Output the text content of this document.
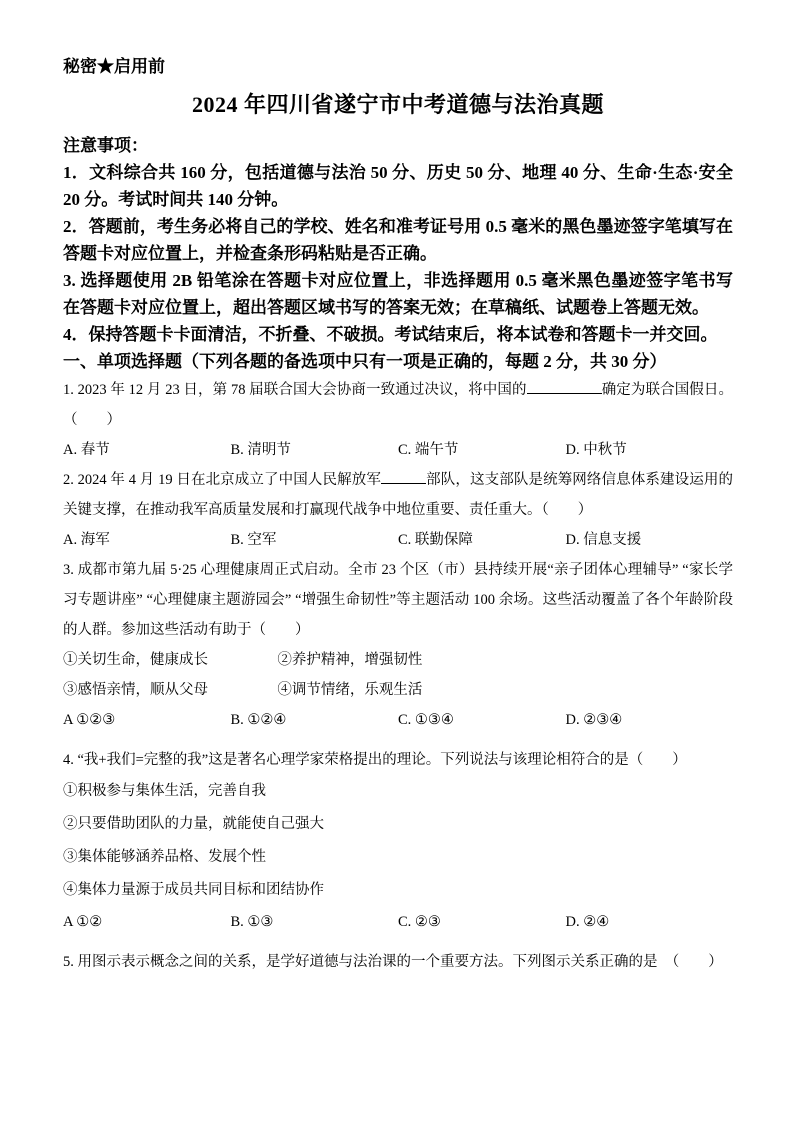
秘密★启用前
2024 年四川省遂宁市中考道德与法治真题

注意事项：

1．文科综合共 160 分，包括道德与法治 50 分、历史 50 分、地理 40 分、生命·生态·安全 20 分。考试时间共 140 分钟。

2．答题前，考生务必将自己的学校、姓名和准考证号用 0.5 毫米的黑色墨迹签字笔填写在答题卡对应位置上，并检查条形码粘贴是否正确。

3. 选择题使用 2B 铅笔涂在答题卡对应位置上，非选择题用 0.5 毫米黑色墨迹签字笔书写在答题卡对应位置上，超出答题区域书写的答案无效；在草稿纸、试题卷上答题无效。

4．保持答题卡卡面清洁，不折叠、不破损。考试结束后，将本试卷和答题卡一并交回。

一、单项选择题（下列各题的备选项中只有一项是正确的，每题 2 分，共 30 分）

1. 2023 年 12 月 23 日，第 78 届联合国大会协商一致通过决议，将中国的	确定为联合国假日。（　　）

A. 春节	B. 清明节	C. 端午节	D. 中秋节

2. 2024 年 4 月 19 日在北京成立了中国人民解放军	部队，这支部队是统筹网络信息体系建设运用的关键支撑，在推动我军高质量发展和打赢现代战争中地位重要、责任重大。（　　）

A. 海军	B. 空军	C. 联勤保障	D. 信息支援

3. 成都市第九届 5·25 心理健康周正式启动。全市 23 个区（市）县持续开展“亲子团体心理辅导” “家长学习专题讲座” “心理健康主题游园会” “增强生命韧性”等主题活动 100 余场。这些活动覆盖了各个年龄阶段的人群。参加这些活动有助于（　　）

①关切生命，健康成长	②养护精神，增强韧性
③感悟亲情，顺从父母	④调节情绪，乐观生活
A ①②③	B. ①②④	C. ①③④	D. ②③④

4. “我+我们=完整的我”这是著名心理学家荣格提出的理论。下列说法与该理论相符合的是（　　）

①积极参与集体生活，完善自我

②只要借助团队的力量，就能使自己强大

③集体能够涵养品格、发展个性

④集体力量源于成员共同目标和团结协作

A ①②	B. ①③	C. ②③	D. ②④

5. 用图示表示概念之间的关系，是学好道德与法治课的一个重要方法。下列图示关系正确的是　（　　）
